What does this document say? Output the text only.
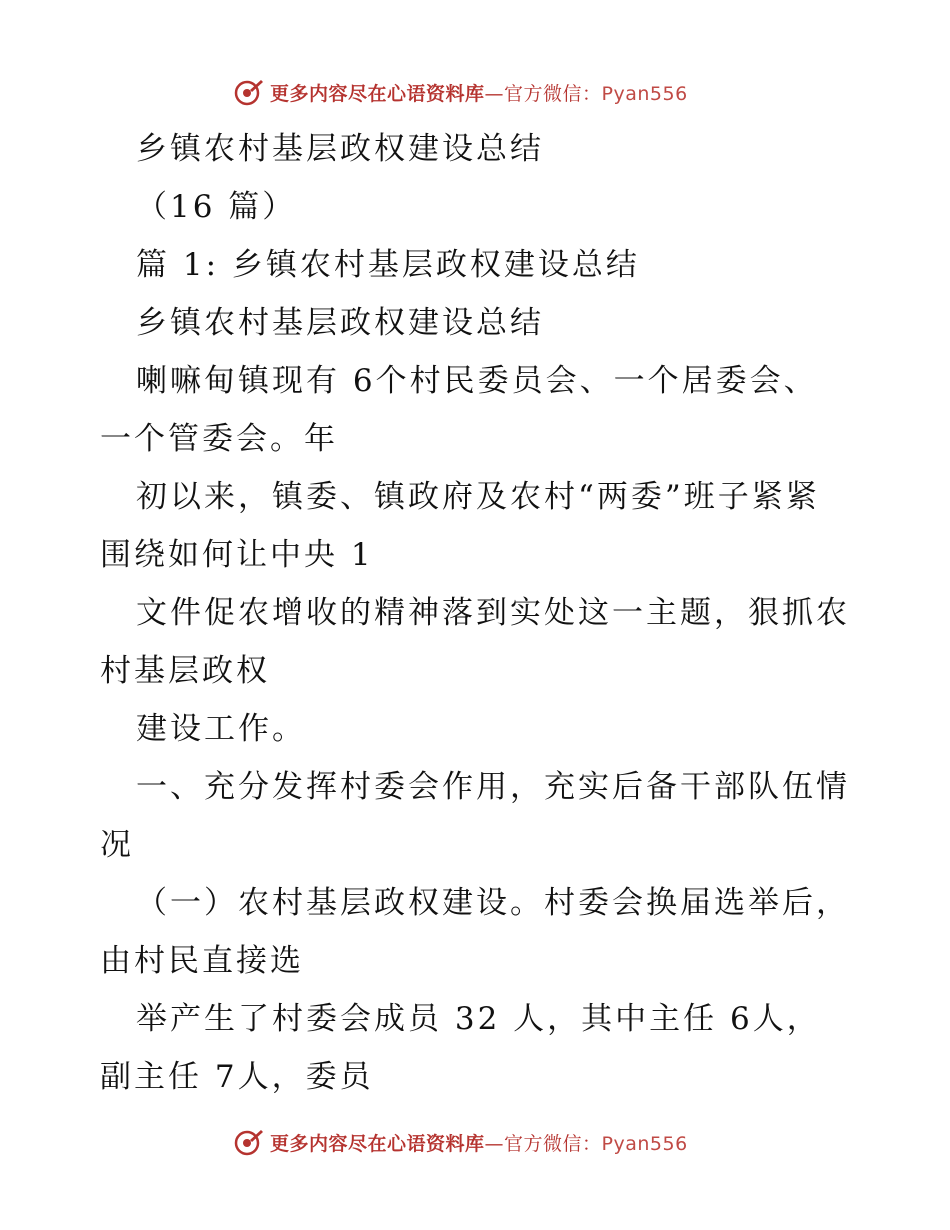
更多内容尽在心语资料库—官方微信：Pyan556
乡镇农村基层政权建设总结
（16 篇）
篇 1: 乡镇农村基层政权建设总结
乡镇农村基层政权建设总结
喇嘛甸镇现有 6个村民委员会、一个居委会、
一个管委会。年
初以来，镇委、镇政府及农村“两委”班子紧紧
围绕如何让中央 1
文件促农增收的精神落到实处这一主题，狠抓农
村基层政权
建设工作。
一、充分发挥村委会作用，充实后备干部队伍情
况
（一）农村基层政权建设。村委会换届选举后，
由村民直接选
举产生了村委会成员 32 人，其中主任 6人，
副主任 7人，委员
更多内容尽在心语资料库—官方微信：Pyan556
